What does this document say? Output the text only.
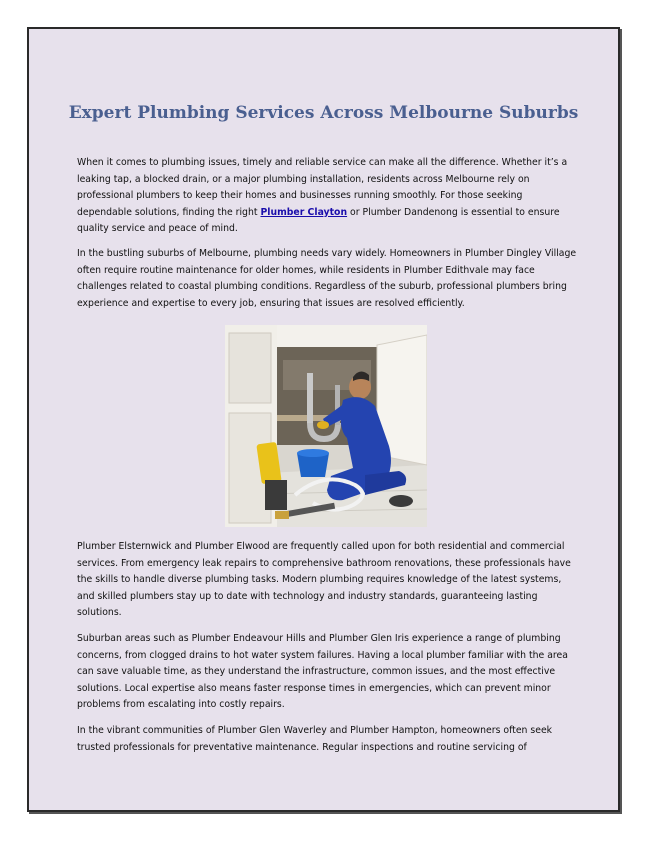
Expert Plumbing Services Across Melbourne Suburbs

When it comes to plumbing issues, timely and reliable service can make all the difference. Whether it’s a leaking tap, a blocked drain, or a major plumbing installation, residents across Melbourne rely on professional plumbers to keep their homes and businesses running smoothly. For those seeking dependable solutions, finding the right Plumber Clayton or Plumber Dandenong is essential to ensure quality service and peace of mind.

In the bustling suburbs of Melbourne, plumbing needs vary widely. Homeowners in Plumber Dingley Village often require routine maintenance for older homes, while residents in Plumber Edithvale may face challenges related to coastal plumbing conditions. Regardless of the suburb, professional plumbers bring experience and expertise to every job, ensuring that issues are resolved efficiently.

Plumber Elsternwick and Plumber Elwood are frequently called upon for both residential and commercial services. From emergency leak repairs to comprehensive bathroom renovations, these professionals have the skills to handle diverse plumbing tasks. Modern plumbing requires knowledge of the latest systems, and skilled plumbers stay up to date with technology and industry standards, guaranteeing lasting solutions.

Suburban areas such as Plumber Endeavour Hills and Plumber Glen Iris experience a range of plumbing concerns, from clogged drains to hot water system failures. Having a local plumber familiar with the area can save valuable time, as they understand the infrastructure, common issues, and the most effective solutions. Local expertise also means faster response times in emergencies, which can prevent minor problems from escalating into costly repairs.

In the vibrant communities of Plumber Glen Waverley and Plumber Hampton, homeowners often seek trusted professionals for preventative maintenance. Regular inspections and routine servicing of
